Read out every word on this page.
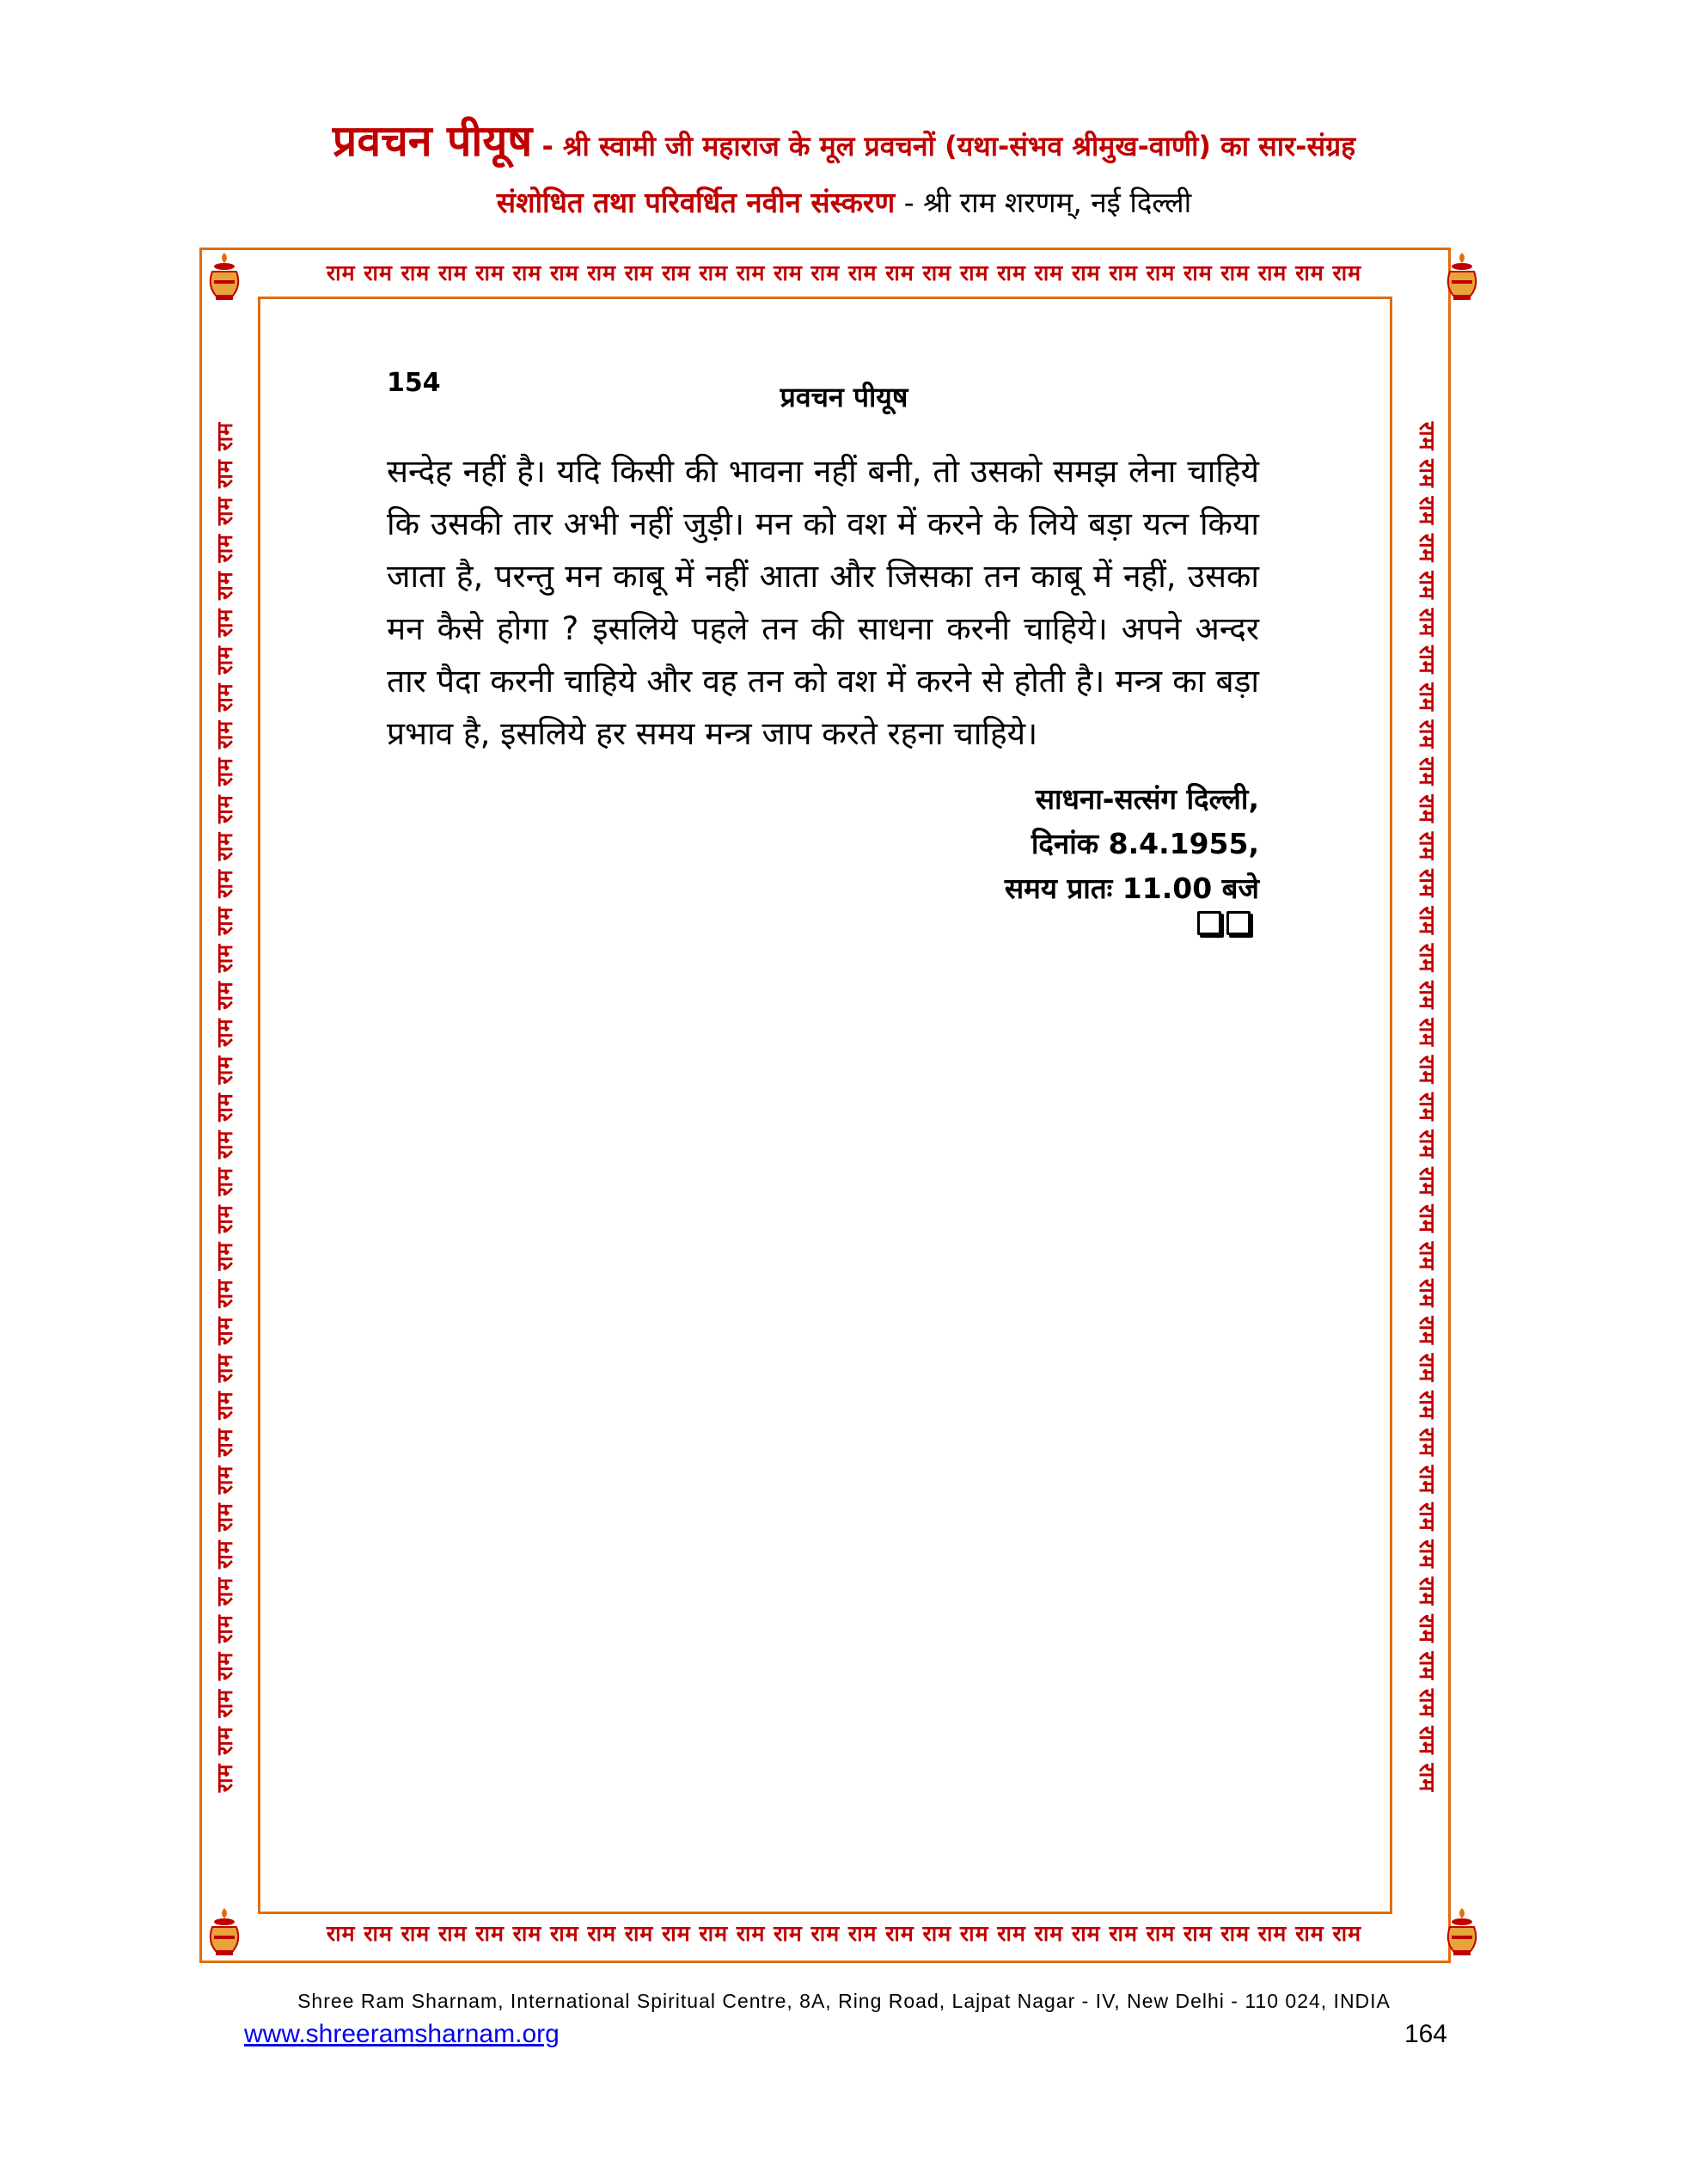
प्रवचन पीयूष - श्री स्वामी जी महाराज के मूल प्रवचनों (यथा-संभव श्रीमुख-वाणी) का सार-संग्रह
संशोधित तथा परिवर्धित नवीन संस्करण - श्री राम शरणम्, नई दिल्ली
राम राम राम राम राम राम राम राम राम राम राम राम राम राम राम राम राम राम राम राम राम राम राम राम राम राम राम राम
राम राम राम राम राम राम राम राम राम राम राम राम राम राम राम राम राम राम राम राम राम राम राम राम राम राम राम राम
राम राम राम राम राम राम राम राम राम राम राम राम राम राम राम राम राम राम राम राम राम राम राम राम राम राम राम राम राम राम राम राम राम राम राम राम राम	राम राम राम राम राम राम राम राम राम राम राम राम राम राम राम राम राम राम राम राम राम राम राम राम राम राम राम राम राम राम राम राम राम राम राम राम राम
154	प्रवचन पीयूष
सन्देह नहीं है। यदि किसी की भावना नहीं बनी, तो उसको समझ लेना चाहिये कि उसकी तार अभी नहीं जुड़ी। मन को वश में करने के लिये बड़ा यत्न किया जाता है, परन्तु मन काबू में नहीं आता और जिसका तन काबू में नहीं, उसका मन कैसे होगा ? इसलिये पहले तन की साधना करनी चाहिये। अपने अन्दर तार पैदा करनी चाहिये और वह तन को वश में करने से होती है। मन्त्र का बड़ा प्रभाव है, इसलिये हर समय मन्त्र जाप करते रहना चाहिये।
साधना-सत्संग दिल्ली,
दिनांक 8.4.1955,
समय प्रातः 11.00 बजे
Shree Ram Sharnam, International Spiritual Centre, 8A, Ring Road, Lajpat Nagar - IV, New Delhi - 110 024, INDIA
www.shreeramsharnam.org	164
